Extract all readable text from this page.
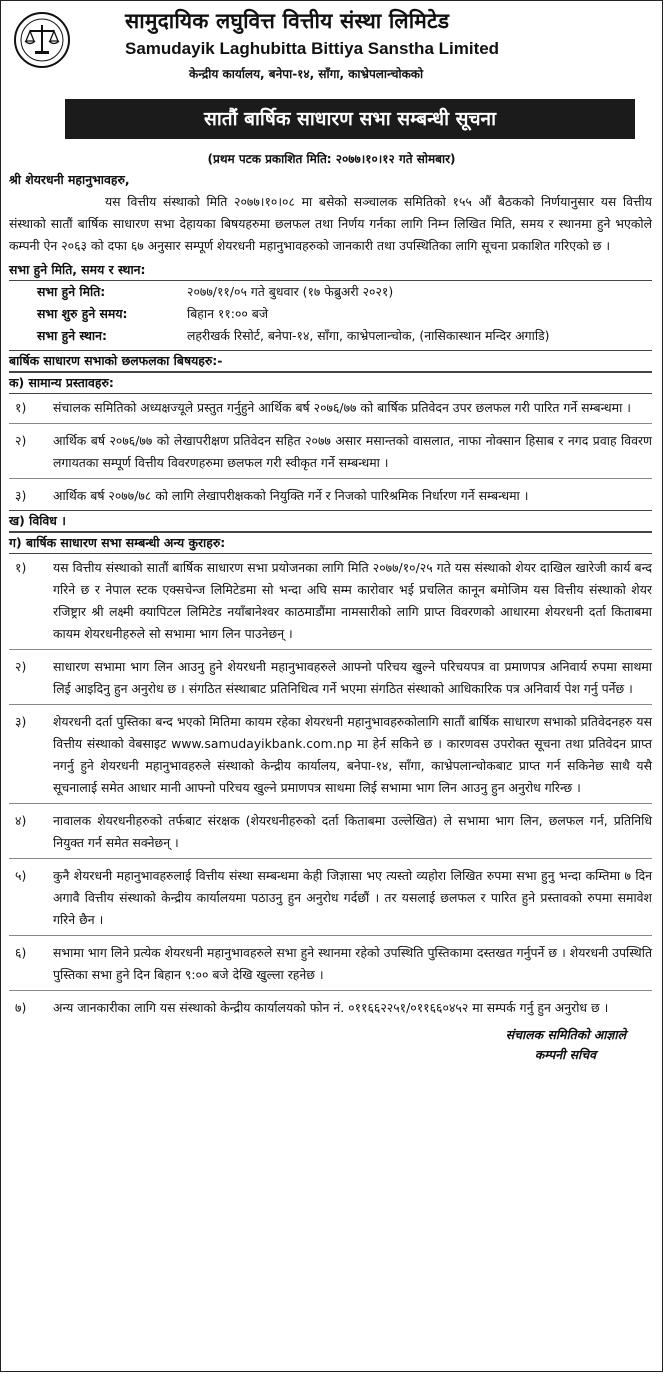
सामुदायिक लघुवित्त वित्तीय संस्था लिमिटेड
Samudayik Laghubitta Bittiya Sanstha Limited
केन्द्रीय कार्यालय, बनेपा-१४, साँगा, काभ्रेपलान्चोकको
सातौं बार्षिक साधारण सभा सम्बन्धी सूचना
(प्रथम पटक प्रकाशित मिति: २०७७।१०।१२ गते सोमबार)
श्री शेयरधनी महानुभावहरु,
यस वित्तीय संस्थाको मिति २०७७।१०।०८ मा बसेको सञ्चालक समितिको १५५ औं बैठकको निर्णयानुसार यस वित्तीय संस्थाको सातौं बार्षिक साधारण सभा देहायका बिषयहरुमा छलफल तथा निर्णय गर्नका लागि निम्न लिखित मिति, समय र स्थानमा हुने भएकोले कम्पनी ऐन २०६३ को दफा ६७ अनुसार सम्पूर्ण शेयरधनी महानुभावहरुको जानकारी तथा उपस्थितिका लागि सूचना प्रकाशित गरिएको छ ।
सभा हुने मिति, समय र स्थान:
सभा हुने मिति:	२०७७/११/०५ गते बुधवार (१७ फेब्रुअरी २०२१)
सभा शुरु हुने समय:	बिहान ११:०० बजे
सभा हुने स्थान:	लहरीखर्क रिसोर्ट, बनेपा-१४, साँगा, काभ्रेपलान्चोक, (नासिकास्थान मन्दिर अगाडि)
बार्षिक साधारण सभाको छलफलका बिषयहरु:-
क) सामान्य प्रस्तावहरु:
१)	संचालक समितिको अध्यक्षज्यूले प्रस्तुत गर्नुहुने आर्थिक बर्ष २०७६/७७ को बार्षिक प्रतिवेदन उपर छलफल गरी पारित गर्ने सम्बन्धमा ।
२)	आर्थिक बर्ष २०७६/७७ को लेखापरीक्षण प्रतिवेदन सहित २०७७ असार मसान्तको वासलात, नाफा नोक्सान हिसाब र नगद प्रवाह विवरण लगायतका सम्पूर्ण वित्तीय विवरणहरुमा छलफल गरी स्वीकृत गर्ने सम्बन्धमा ।
३)	आर्थिक बर्ष २०७७/७८ को लागि लेखापरीक्षकको नियुक्ति गर्ने र निजको पारिश्रमिक निर्धारण गर्ने सम्बन्धमा ।
ख) विविध ।
ग) बार्षिक साधारण सभा सम्बन्धी अन्य कुराहरु:
१)	यस वित्तीय संस्थाको सातौं बार्षिक साधारण सभा प्रयोजनका लागि मिति २०७७/१०/२५ गते यस संस्थाको शेयर दाखिल खारेजी कार्य बन्द गरिने छ र नेपाल स्टक एक्सचेन्ज लिमिटेडमा सो भन्दा अघि सम्म कारोवार भई प्रचलित कानून बमोजिम यस वित्तीय संस्थाको शेयर रजिष्ट्रार श्री लक्ष्मी क्यापिटल लिमिटेड नयाँबानेश्वर काठमाडौंमा नामसारीको लागि प्राप्त विवरणको आधारमा शेयरधनी दर्ता किताबमा कायम शेयरधनीहरुले सो सभामा भाग लिन पाउनेछन् ।
२)	साधारण सभामा भाग लिन आउनु हुने शेयरधनी महानुभावहरुले आफ्नो परिचय खुल्ने परिचयपत्र वा प्रमाणपत्र अनिवार्य रुपमा साथमा लिई आइदिनु हुन अनुरोध छ । संगठित संस्थाबाट प्रतिनिधित्व गर्ने भएमा संगठित संस्थाको आधिकारिक पत्र अनिवार्य पेश गर्नु पर्नेछ ।
३)	शेयरधनी दर्ता पुस्तिका बन्द भएको मितिमा कायम रहेका शेयरधनी महानुभावहरुकोलागि सातौं बार्षिक साधारण सभाको प्रतिवेदनहरु यस वित्तीय संस्थाको वेबसाइट www.samudayikbank.com.np मा हेर्न सकिने छ । कारणवस उपरोक्त सूचना तथा प्रतिवेदन प्राप्त नगर्नु हुने शेयरधनी महानुभावहरुले संस्थाको केन्द्रीय कार्यालय, बनेपा-१४, साँगा, काभ्रेपलान्चोकबाट प्राप्त गर्न सकिनेछ साथै यसै सूचनालाई समेत आधार मानी आफ्नो परिचय खुल्ने प्रमाणपत्र साथमा लिई सभामा भाग लिन आउनु हुन अनुरोध गरिन्छ ।
४)	नावालक शेयरधनीहरुको तर्फबाट संरक्षक (शेयरधनीहरुको दर्ता किताबमा उल्लेखित) ले सभामा भाग लिन, छलफल गर्न, प्रतिनिधि नियुक्त गर्न समेत सक्नेछन् ।
५)	कुनै शेयरधनी महानुभावहरुलाई वित्तीय संस्था सम्बन्धमा केही जिज्ञासा भए त्यस्तो व्यहोरा लिखित रुपमा सभा हुनु भन्दा कम्तिमा ७ दिन अगावै वित्तीय संस्थाको केन्द्रीय कार्यालयमा पठाउनु हुन अनुरोध गर्दछौं । तर यसलाई छलफल र पारित हुने प्रस्तावको रुपमा समावेश गरिने छैन ।
६)	सभामा भाग लिने प्रत्येक शेयरधनी महानुभावहरुले सभा हुने स्थानमा रहेको उपस्थिति पुस्तिकामा दस्तखत गर्नुपर्ने छ । शेयरधनी उपस्थिति पुस्तिका सभा हुने दिन बिहान ९:०० बजे देखि खुल्ला रहनेछ ।
७)	अन्य जानकारीका लागि यस संस्थाको केन्द्रीय कार्यालयको फोन नं. ०११६६२२५१/०११६६०४५२ मा सम्पर्क गर्नु हुन अनुरोध छ ।
संचालक समितिको आज्ञाले
कम्पनी सचिव
